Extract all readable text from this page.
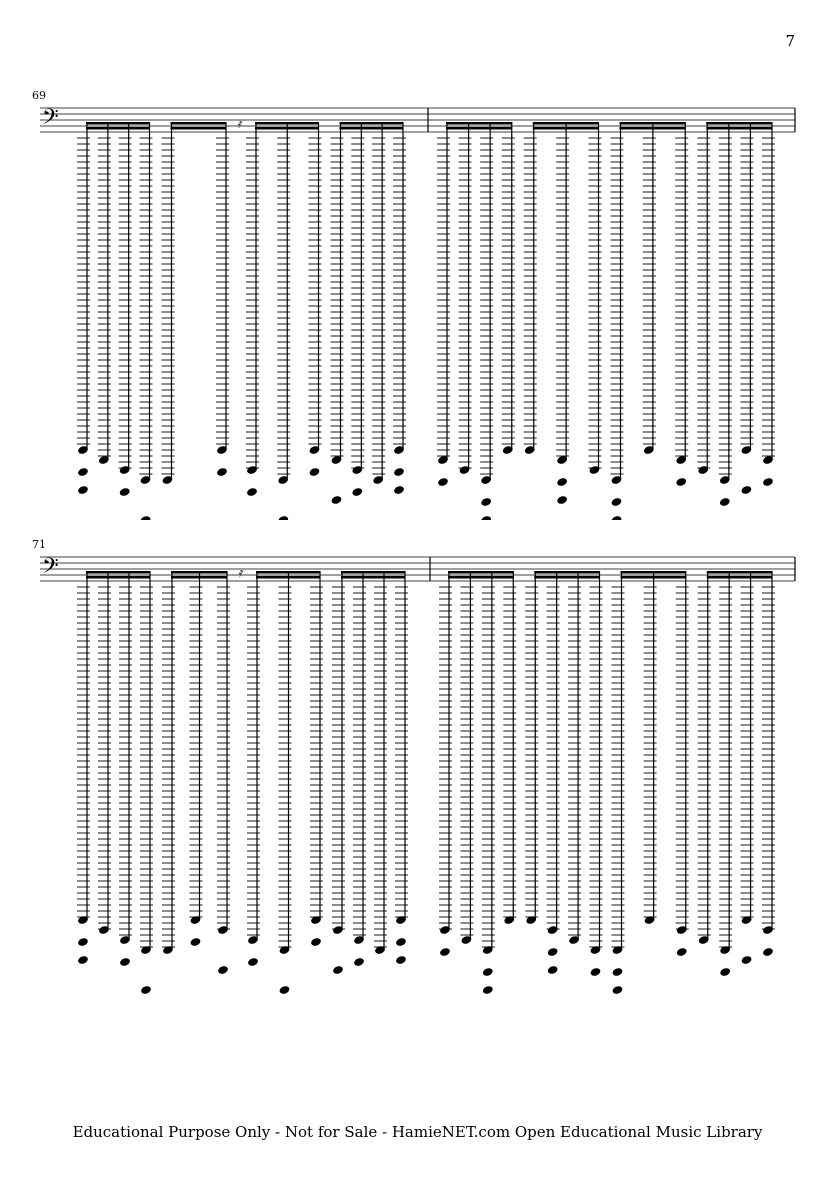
7
69
71
𝄢	𝄿
𝄢	𝄿
Educational Purpose Only - Not for Sale - HamieNET.com Open Educational Music Library
